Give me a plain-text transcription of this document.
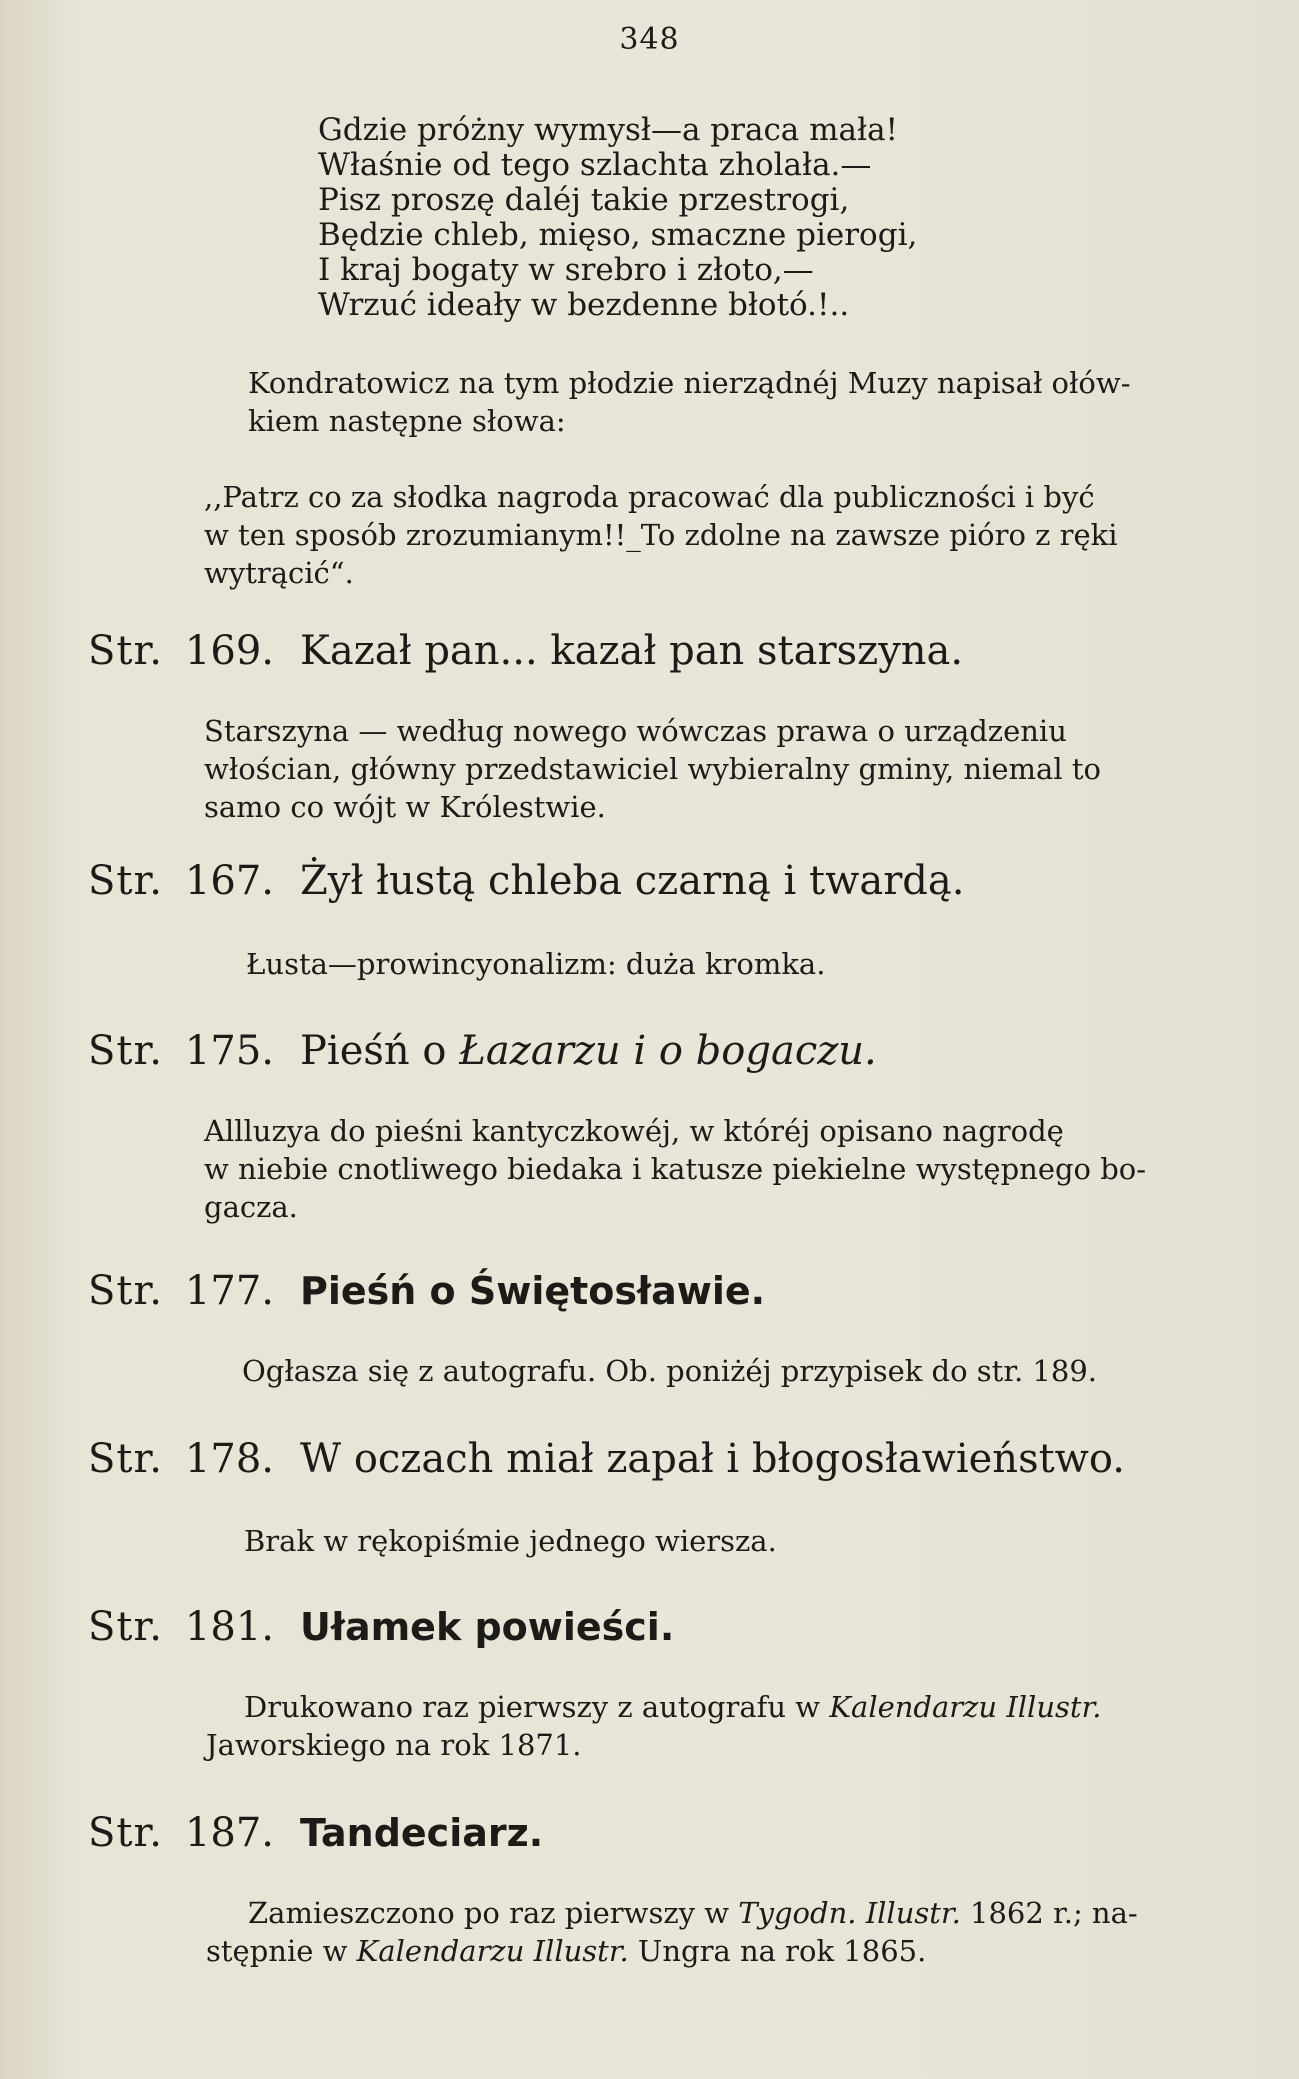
348
Gdzie próżny wymysł—a praca mała!
Właśnie od tego szlachta zholała.—
Pisz proszę daléj takie przestrogi,
Będzie chleb, mięso, smaczne pierogi,
I kraj bogaty w srebro i złoto,—
Wrzuć ideały w bezdenne błotó.!..
Kondratowicz na tym płodzie nierządnéj Muzy napisał ołów-
kiem następne słowa:
,,Patrz co za słodka nagroda pracować dla publiczności i być
w ten sposób zrozumianym!!_To zdolne na zawsze pióro z ręki
wytrącić“.
Str. 169. Kazał pan... kazał pan starszyna.
Starszyna — według nowego wówczas prawa o urządzeniu
włościan, główny przedstawiciel wybieralny gminy, niemal to
samo co wójt w Królestwie.
Str. 167. Żył łustą chleba czarną i twardą.
Łusta—prowincyonalizm: duża kromka.
Str. 175. Pieśń o Łazarzu i o bogaczu.
Allluzya do pieśni kantyczkowéj, w któréj opisano nagrodę
w niebie cnotliwego biedaka i katusze piekielne występnego bo-
gacza.
Str. 177. Pieśń o Świętosławie.
Ogłasza się z autografu. Ob. poniżéj przypisek do str. 189.
Str. 178. W oczach miał zapał i błogosławieństwo.
Brak w rękopiśmie jednego wiersza.
Str. 181. Ułamek powieści.
Drukowano raz pierwszy z autografu w Kalendarzu Illustr.
Jaworskiego na rok 1871.
Str. 187. Tandeciarz.
Zamieszczono po raz pierwszy w Tygodn. Illustr. 1862 r.; na-
stępnie w Kalendarzu Illustr. Ungra na rok 1865.
